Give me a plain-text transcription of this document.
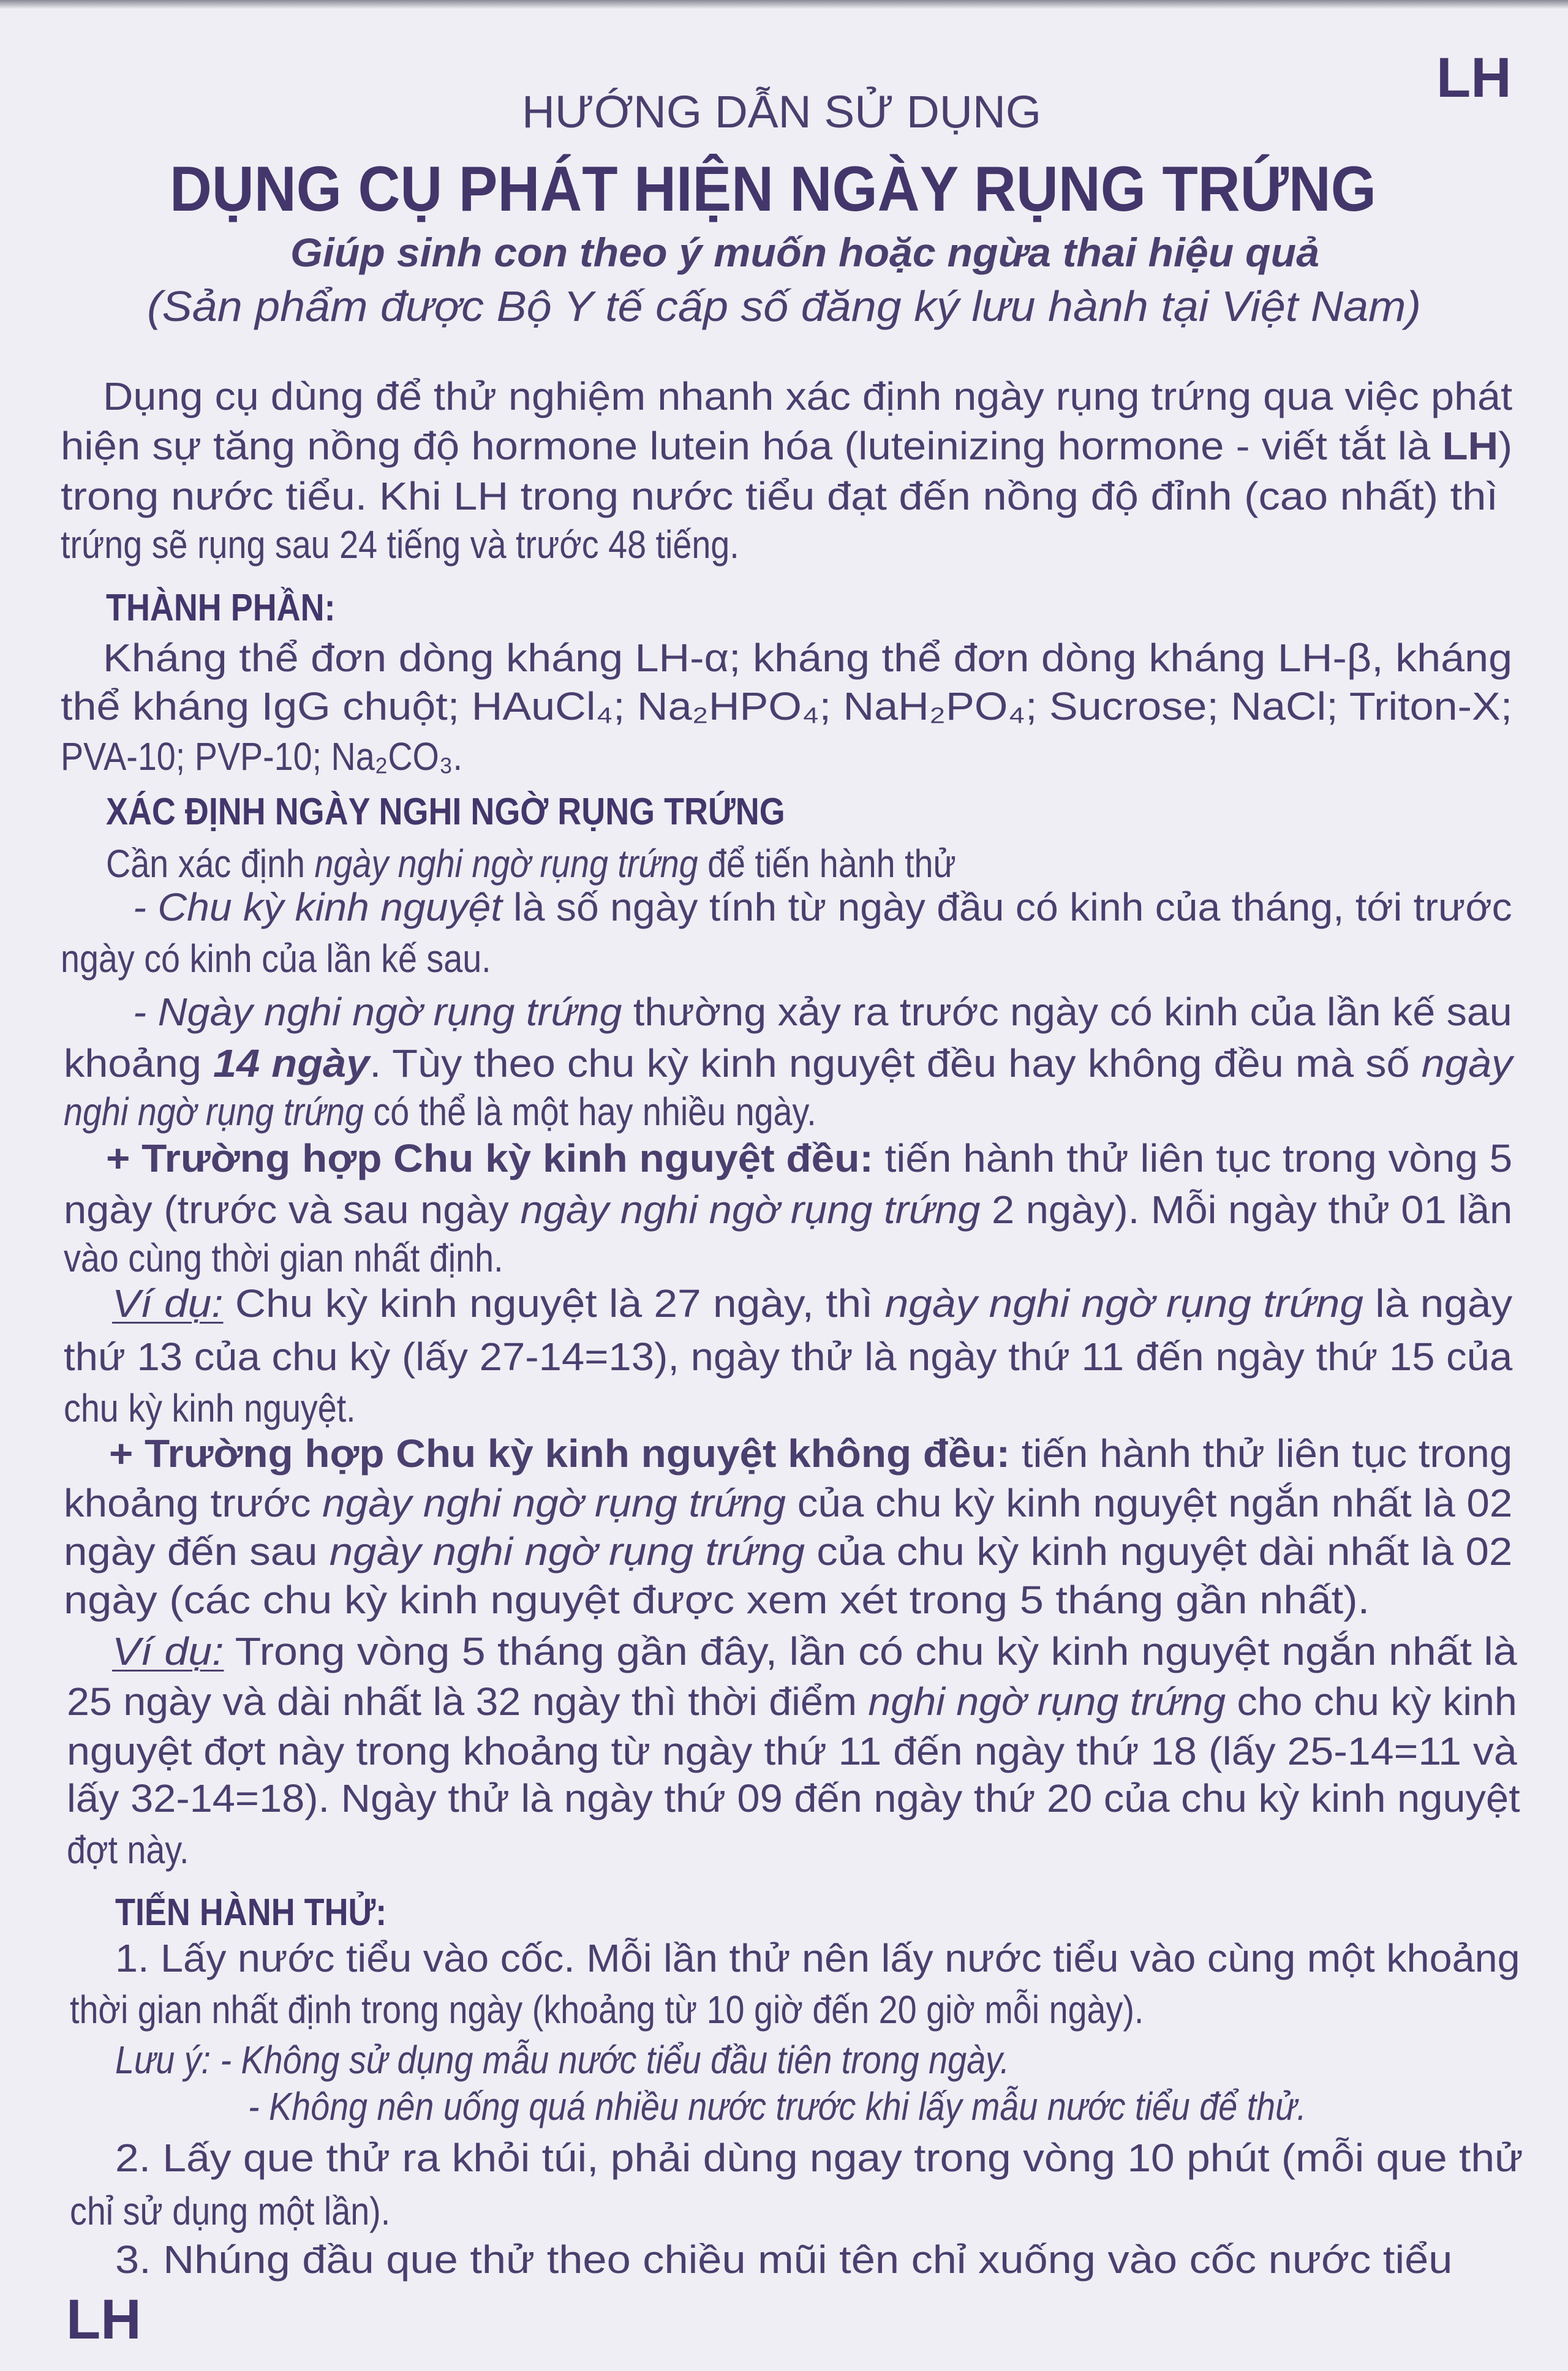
LH
LH
HƯỚNG DẪN SỬ DỤNG
DỤNG CỤ PHÁT HIỆN NGÀY RỤNG TRỨNG
Giúp sinh con theo ý muốn hoặc ngừa thai hiệu quả
(Sản phẩm được Bộ Y tế cấp số đăng ký lưu hành tại Việt Nam)
Dụng cụ dùng để thử nghiệm nhanh xác định ngày rụng trứng qua việc phát
hiện sự tăng nồng độ hormone lutein hóa (luteinizing hormone - viết tắt là LH)
trong nước tiểu. Khi LH trong nước tiểu đạt đến nồng độ đỉnh (cao nhất) thì
trứng sẽ rụng sau 24 tiếng và trước 48 tiếng.
THÀNH PHẦN:
Kháng thể đơn dòng kháng LH-α; kháng thể đơn dòng kháng LH-β, kháng
thể kháng IgG chuột; HAuCl₄; Na₂HPO₄; NaH₂PO₄; Sucrose; NaCl; Triton-X;
PVA-10; PVP-10; Na₂CO₃.
XÁC ĐỊNH NGÀY NGHI NGỜ RỤNG TRỨNG
Cần xác định ngày nghi ngờ rụng trứng để tiến hành thử
- Chu kỳ kinh nguyệt là số ngày tính từ ngày đầu có kinh của tháng, tới trước
ngày có kinh của lần kế sau.
- Ngày nghi ngờ rụng trứng thường xảy ra trước ngày có kinh của lần kế sau
khoảng 14 ngày. Tùy theo chu kỳ kinh nguyệt đều hay không đều mà số ngày
nghi ngờ rụng trứng có thể là một hay nhiều ngày.
+ Trường hợp Chu kỳ kinh nguyệt đều: tiến hành thử liên tục trong vòng 5
ngày (trước và sau ngày ngày nghi ngờ rụng trứng 2 ngày). Mỗi ngày thử 01 lần
vào cùng thời gian nhất định.
Ví dụ: Chu kỳ kinh nguyệt là 27 ngày, thì ngày nghi ngờ rụng trứng là ngày
thứ 13 của chu kỳ (lấy 27-14=13), ngày thử là ngày thứ 11 đến ngày thứ 15 của
chu kỳ kinh nguyệt.
+ Trường hợp Chu kỳ kinh nguyệt không đều: tiến hành thử liên tục trong
khoảng trước ngày nghi ngờ rụng trứng của chu kỳ kinh nguyệt ngắn nhất là 02
ngày đến sau ngày nghi ngờ rụng trứng của chu kỳ kinh nguyệt dài nhất là 02
ngày (các chu kỳ kinh nguyệt được xem xét trong 5 tháng gần nhất).
Ví dụ: Trong vòng 5 tháng gần đây, lần có chu kỳ kinh nguyệt ngắn nhất là
25 ngày và dài nhất là 32 ngày thì thời điểm nghi ngờ rụng trứng cho chu kỳ kinh
nguyệt đợt này trong khoảng từ ngày thứ 11 đến ngày thứ 18 (lấy 25-14=11 và
lấy 32-14=18). Ngày thử là ngày thứ 09 đến ngày thứ 20 của chu kỳ kinh nguyệt
đợt này.
TIẾN HÀNH THỬ:
1. Lấy nước tiểu vào cốc. Mỗi lần thử nên lấy nước tiểu vào cùng một khoảng
thời gian nhất định trong ngày (khoảng từ 10 giờ đến 20 giờ mỗi ngày).
Lưu ý: - Không sử dụng mẫu nước tiểu đầu tiên trong ngày.
- Không nên uống quá nhiều nước trước khi lấy mẫu nước tiểu để thử.
2. Lấy que thử ra khỏi túi, phải dùng ngay trong vòng 10 phút (mỗi que thử
chỉ sử dụng một lần).
3. Nhúng đầu que thử theo chiều mũi tên chỉ xuống vào cốc nước tiểu
